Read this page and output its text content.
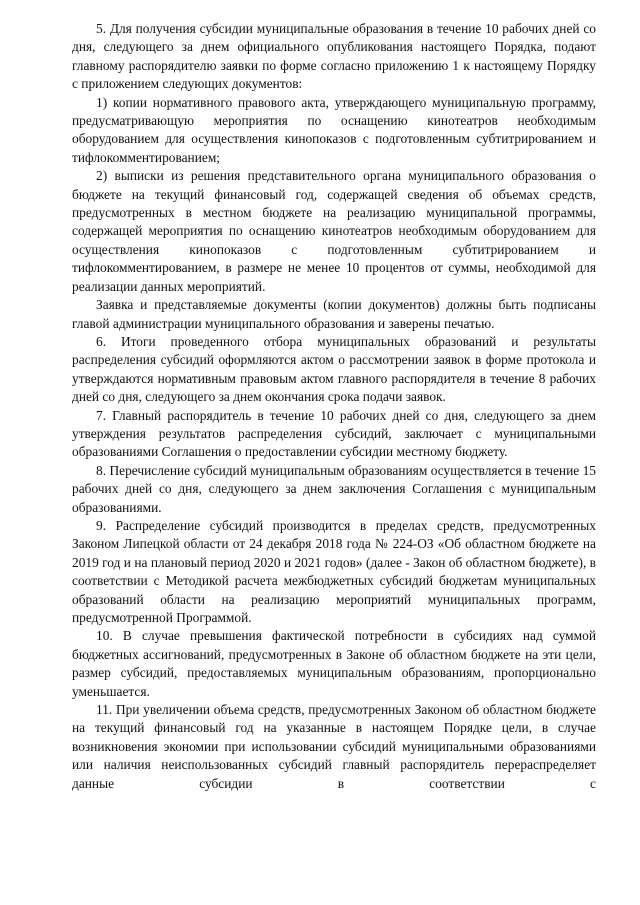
5. Для получения субсидии муниципальные образования в течение 10 рабочих дней со дня, следующего за днем официального опубликования настоящего Порядка, подают главному распорядителю заявки по форме согласно приложению 1 к настоящему Порядку с приложением следующих документов:

1) копии нормативного правового акта, утверждающего муниципальную программу, предусматривающую мероприятия по оснащению кинотеатров необходимым оборудованием для осуществления кинопоказов с подготовленным субтитрированием и тифлокомментированием;

2) выписки из решения представительного органа муниципального образования о бюджете на текущий финансовый год, содержащей сведения об объемах средств, предусмотренных в местном бюджете на реализацию муниципальной программы, содержащей мероприятия по оснащению кинотеатров необходимым оборудованием для осуществления кинопоказов с подготовленным субтитрированием и тифлокомментированием, в размере не менее 10 процентов от суммы, необходимой для реализации данных мероприятий.

Заявка и представляемые документы (копии документов) должны быть подписаны главой администрации муниципального образования и заверены печатью.

6. Итоги проведенного отбора муниципальных образований и результаты распределения субсидий оформляются актом о рассмотрении заявок в форме протокола и утверждаются нормативным правовым актом главного распорядителя в течение 8 рабочих дней со дня, следующего за днем окончания срока подачи заявок.

7. Главный распорядитель в течение 10 рабочих дней со дня, следующего за днем утверждения результатов распределения субсидий, заключает с муниципальными образованиями Соглашения о предоставлении субсидии местному бюджету.

8. Перечисление субсидий муниципальным образованиям осуществляется в течение 15 рабочих дней со дня, следующего за днем заключения Соглашения с муниципальным образованиями.

9. Распределение субсидий производится в пределах средств, предусмотренных Законом Липецкой области от 24 декабря 2018 года № 224-ОЗ «Об областном бюджете на 2019 год и на плановый период 2020 и 2021 годов» (далее - Закон об областном бюджете), в соответствии с Методикой расчета межбюджетных субсидий бюджетам муниципальных образований области на реализацию мероприятий муниципальных программ, предусмотренной Программой.

10. В случае превышения фактической потребности в субсидиях над суммой бюджетных ассигнований, предусмотренных в Законе об областном бюджете на эти цели, размер субсидий, предоставляемых муниципальным образованиям, пропорционально уменьшается.

11. При увеличении объема средств, предусмотренных Законом об областном бюджете на текущий финансовый год на указанные в настоящем Порядке цели, в случае возникновения экономии при использовании субсидий муниципальными образованиями или наличия неиспользованных субсидий главный распорядитель перераспределяет данные субсидии в соответствии с
